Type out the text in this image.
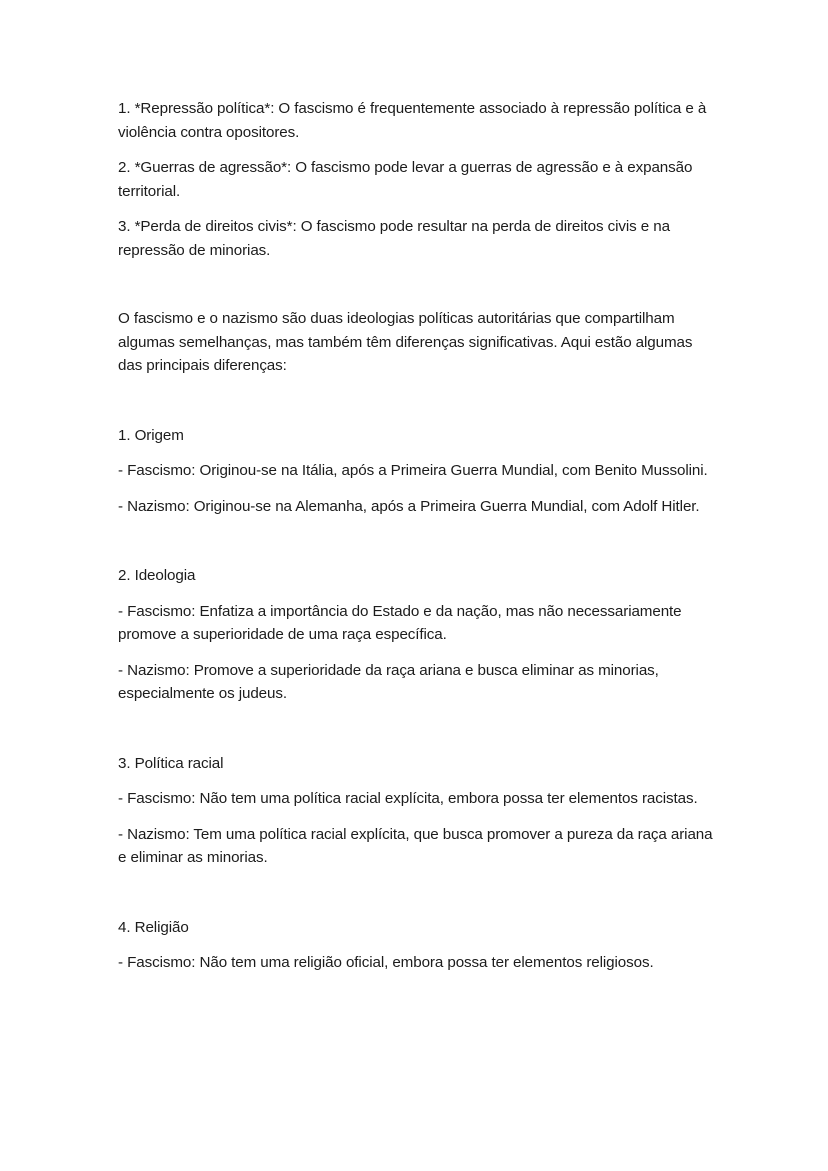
1. *Repressão política*: O fascismo é frequentemente associado à repressão política e à violência contra opositores.

2. *Guerras de agressão*: O fascismo pode levar a guerras de agressão e à expansão territorial.

3. *Perda de direitos civis*: O fascismo pode resultar na perda de direitos civis e na repressão de minorias.

O fascismo e o nazismo são duas ideologias políticas autoritárias que compartilham algumas semelhanças, mas também têm diferenças significativas. Aqui estão algumas das principais diferenças:

1. Origem

- Fascismo: Originou-se na Itália, após a Primeira Guerra Mundial, com Benito Mussolini.

- Nazismo: Originou-se na Alemanha, após a Primeira Guerra Mundial, com Adolf Hitler.

2. Ideologia

- Fascismo: Enfatiza a importância do Estado e da nação, mas não necessariamente promove a superioridade de uma raça específica.

- Nazismo: Promove a superioridade da raça ariana e busca eliminar as minorias, especialmente os judeus.

3. Política racial

- Fascismo: Não tem uma política racial explícita, embora possa ter elementos racistas.

- Nazismo: Tem uma política racial explícita, que busca promover a pureza da raça ariana e eliminar as minorias.

4. Religião

- Fascismo: Não tem uma religião oficial, embora possa ter elementos religiosos.
